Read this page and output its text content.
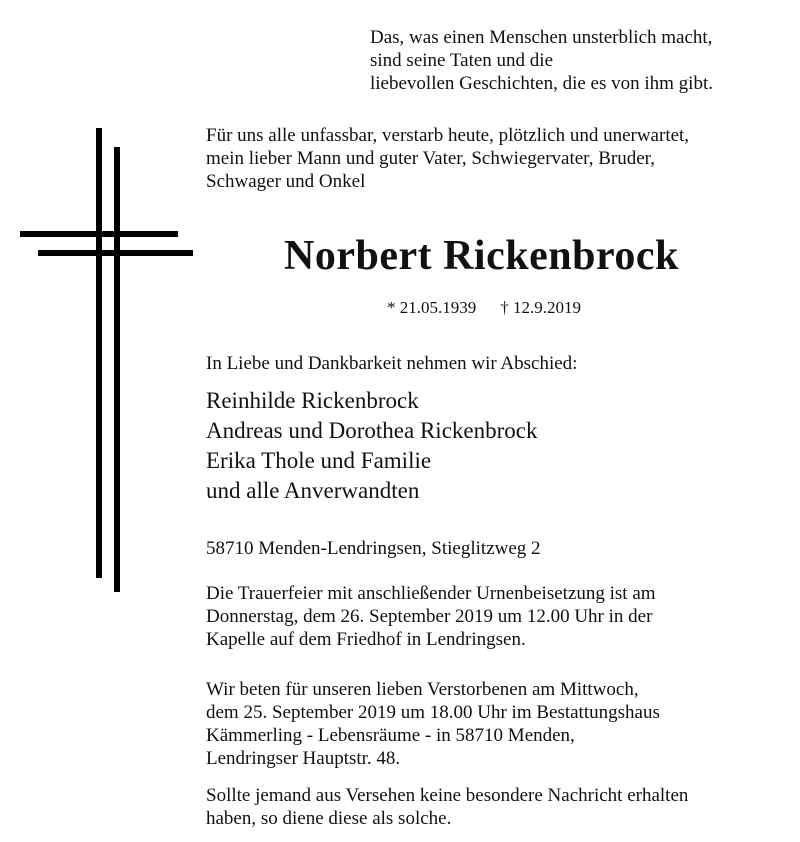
Das, was einen Menschen unsterblich macht,
sind seine Taten und die
liebevollen Geschichten, die es von ihm gibt.
Für uns alle unfassbar, verstarb heute, plötzlich und unerwartet,
mein lieber Mann und guter Vater, Schwiegervater, Bruder,
Schwager und Onkel
Norbert Rickenbrock
* 21.05.1939 † 12.9.2019
In Liebe und Dankbarkeit nehmen wir Abschied:
Reinhilde Rickenbrock
Andreas und Dorothea Rickenbrock
Erika Thole und Familie
und alle Anverwandten
58710 Menden-Lendringsen, Stieglitzweg 2
Die Trauerfeier mit anschließender Urnenbeisetzung ist am
Donnerstag, dem 26. September 2019 um 12.00 Uhr in der
Kapelle auf dem Friedhof in Lendringsen.
Wir beten für unseren lieben Verstorbenen am Mittwoch,
dem 25. September 2019 um 18.00 Uhr im Bestattungshaus
Kämmerling - Lebensräume - in 58710 Menden,
Lendringser Hauptstr. 48.
Sollte jemand aus Versehen keine besondere Nachricht erhalten
haben, so diene diese als solche.
